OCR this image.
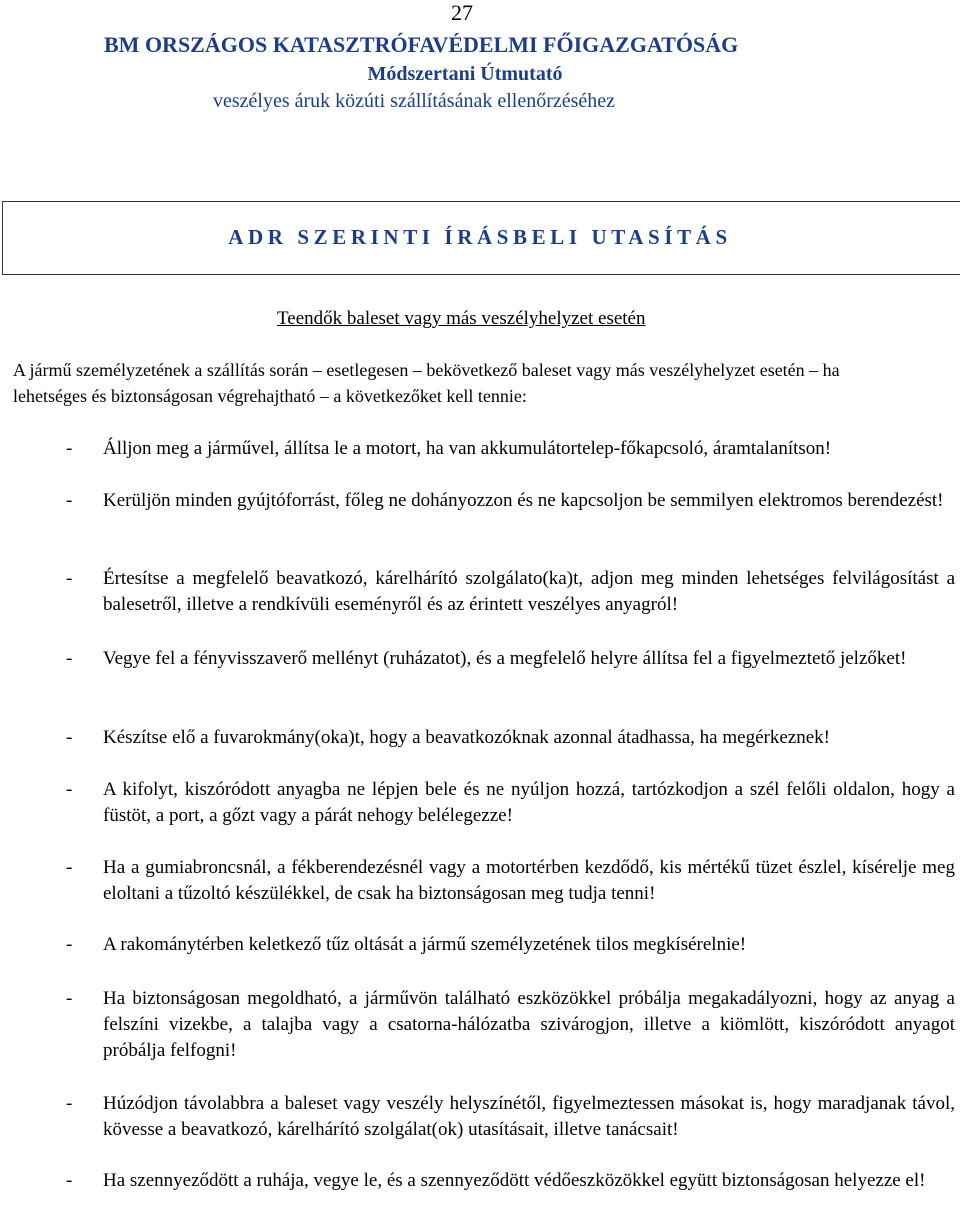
27
BM ORSZÁGOS KATASZTRÓFAVÉDELMI FŐIGAZGATÓSÁG
Módszertani Útmutató
veszélyes áruk közúti szállításának ellenőrzéséhez
ADR SZERINTI ÍRÁSBELI UTASÍTÁS
Teendők baleset vagy más veszélyhelyzet esetén
A jármű személyzetének a szállítás során – esetlegesen – bekövetkező baleset vagy más veszélyhelyzet esetén – ha lehetséges és biztonságosan végrehajtható – a következőket kell tennie:
- Álljon meg a járművel, állítsa le a motort, ha van akkumulátortelep-főkapcsoló, áramtalanítson!
- Kerüljön minden gyújtóforrást, főleg ne dohányozzon és ne kapcsoljon be semmilyen elektromos berendezést!
- Értesítse a megfelelő beavatkozó, kárelhárító szolgálato(ka)t, adjon meg minden lehetséges felvilágosítást a balesetről, illetve a rendkívüli eseményről és az érintett veszélyes anyagról!
- Vegye fel a fényvisszaverő mellényt (ruházatot), és a megfelelő helyre állítsa fel a figyelmeztető jelzőket!
- Készítse elő a fuvarokmány(oka)t, hogy a beavatkozóknak azonnal átadhassa, ha megérkeznek!
- A kifolyt, kiszóródott anyagba ne lépjen bele és ne nyúljon hozzá, tartózkodjon a szél felőli oldalon, hogy a füstöt, a port, a gőzt vagy a párát nehogy belélegezze!
- Ha a gumiabroncsnál, a fékberendezésnél vagy a motortérben kezdődő, kis mértékű tüzet észlel, kísérelje meg eloltani a tűzoltó készülékkel, de csak ha biztonságosan meg tudja tenni!
- A rakománytérben keletkező tűz oltását a jármű személyzetének tilos megkísérelnie!
- Ha biztonságosan megoldható, a járművön található eszközökkel próbálja megakadályozni, hogy az anyag a felszíni vizekbe, a talajba vagy a csatorna-hálózatba szivárogjon, illetve a kiömlött, kiszóródott anyagot próbálja felfogni!
- Húzódjon távolabbra a baleset vagy veszély helyszínétől, figyelmeztessen másokat is, hogy maradjanak távol, kövesse a beavatkozó, kárelhárító szolgálat(ok) utasításait, illetve tanácsait!
- Ha szennyeződött a ruhája, vegye le, és a szennyeződött védőeszközökkel együtt biztonságosan helyezze el!
